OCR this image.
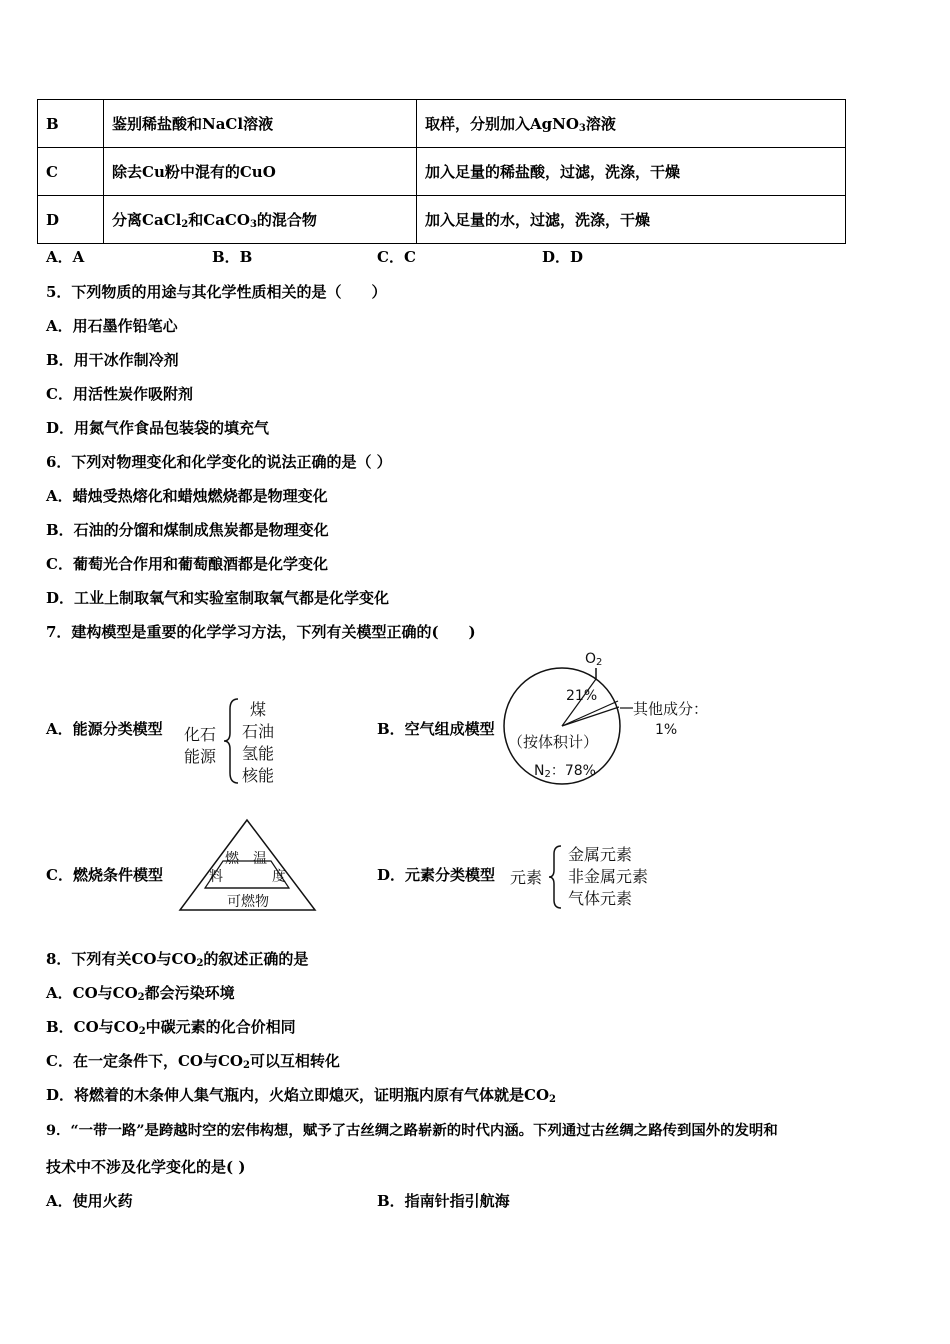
B	鉴别稀盐酸和NaCl溶液	取样，分别加入AgNO$_3$溶液
C	除去Cu粉中混有的CuO	加入足量的稀盐酸，过滤，洗涤，干燥
D	分离CaCl$_2$和CaCO$_3$的混合物	加入足量的水，过滤，洗涤，干燥
A．A	B．B	C．C	D．D
5．下列物质的用途与其化学性质相关的是（　　）
A．用石墨作铅笔心
B．用干冰作制冷剂
C．用活性炭作吸附剂
D．用氮气作食品包装袋的填充气
6．下列对物理变化和化学变化的说法正确的是（ ）
A．蜡烛受热熔化和蜡烛燃烧都是物理变化
B．石油的分馏和煤制成焦炭都是物理变化
C．葡萄光合作用和葡萄酿酒都是化学变化
D．工业上制取氧气和实验室制取氧气都是化学变化
7．建构模型是重要的化学学习方法，下列有关模型正确的(　　)
A．能源分类模型 化石
能源
煤
石油
氢能
核能
B．空气组成模型
$O_2$
21%
其他成分：
1%
（按体积计）
$N_2$：78%
C．燃烧条件模型
燃
料
温
度
可燃物
D．元素分类模型 元素
金属元素
非金属元素
气体元素
8．下列有关CO与$CO_2$的叙述正确的是
A．CO与$CO_2$都会污染环境
B．CO与$CO_2$中碳元素的化合价相同
C．在一定条件下，CO与$CO_2$可以互相转化
D．将燃着的木条伸人集气瓶内，火焰立即熄灭，证明瓶内原有气体就是$CO_2$
9．“一带一路”是跨越时空的宏伟构想，赋予了古丝绸之路崭新的时代内涵。下列通过古丝绸之路传到国外的发明和
技术中不涉及化学变化的是( )
A．使用火药	B．指南针指引航海
